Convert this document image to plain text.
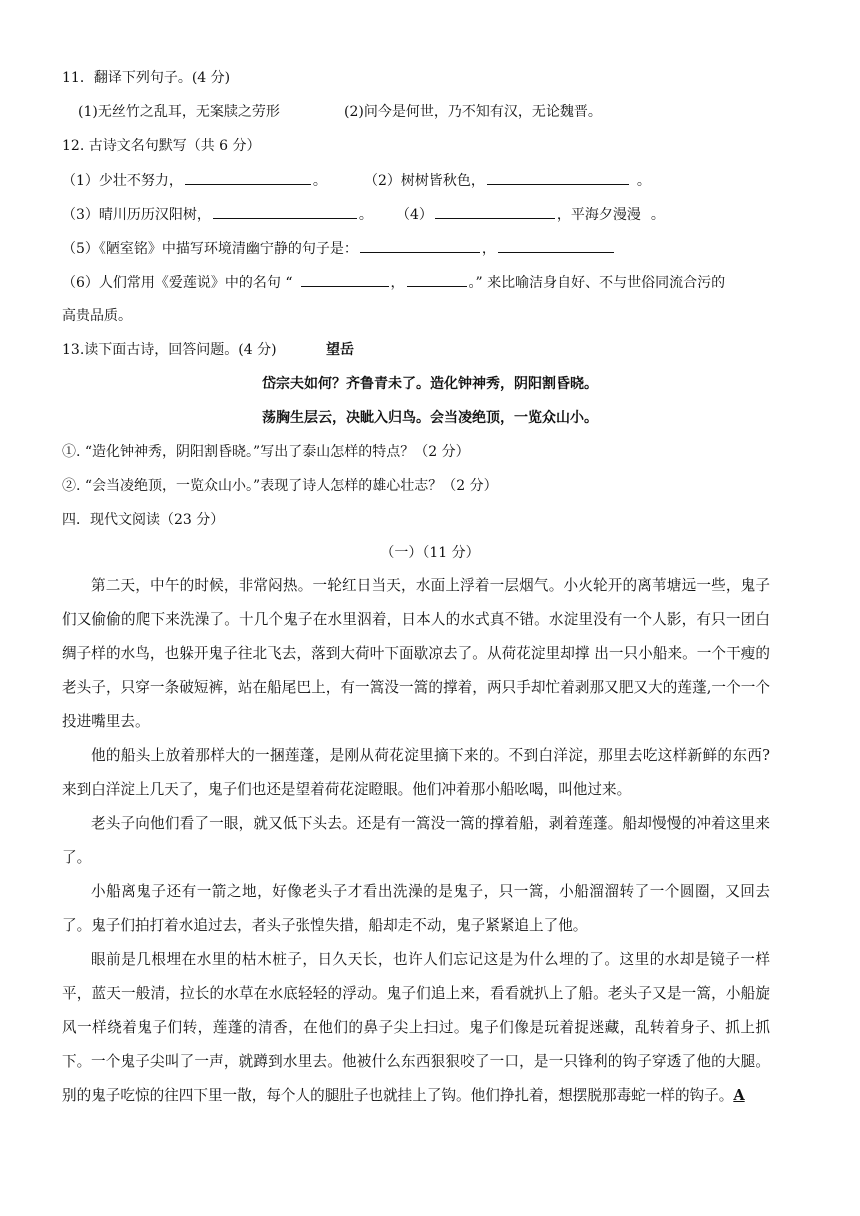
11．翻译下列句子。(4 分)
(1)无丝竹之乱耳，无案牍之劳形	(2)问今是何世，乃不知有汉，无论魏晋。
12. 古诗文名句默写（共 6 分）
（1）少壮不努力，	。	（2）树树皆秋色，	。
（3）晴川历历汉阳树，	。 （4）	，平海夕漫漫 。
（5）《陋室铭》中描写环境清幽宁静的句子是：	，
（6）人们常用《爱莲说》中的名句 “	，	。” 来比喻洁身自好、不与世俗同流合污的
高贵品质。
13.读下面古诗，回答问题。(4 分)	望岳
岱宗夫如何？齐鲁青未了。造化钟神秀，阴阳割昏晓。
荡胸生层云，决眦入归鸟。会当凌绝顶，一览众山小。
①. “造化钟神秀，阴阳割昏晓。”写出了泰山怎样的特点？（2 分）
②. “会当凌绝顶，一览众山小。”表现了诗人怎样的雄心壮志？（2 分）
四．现代文阅读（23 分）
（一）（11 分）

第二天，中午的时候，非常闷热。一轮红日当天，水面上浮着一层烟气。小火轮开的离苇塘远一些，鬼子们又偷偷的爬下来洗澡了。十几个鬼子在水里泅着，日本人的水式真不错。水淀里没有一个人影，有只一团白绸子样的水鸟，也躲开鬼子往北飞去，落到大荷叶下面歇凉去了。从荷花淀里却撑 出一只小船来。一个干瘦的老头子，只穿一条破短裤，站在船尾巴上，有一篙没一篙的撑着，两只手却忙着剥那又肥又大的莲蓬,一个一个投进嘴里去。

他的船头上放着那样大的一捆莲蓬，是刚从荷花淀里摘下来的。不到白洋淀，那里去吃这样新鲜的东西?来到白洋淀上几天了，鬼子们也还是望着荷花淀瞪眼。他们冲着那小船吆喝，叫他过来。

老头子向他们看了一眼，就又低下头去。还是有一篙没一篙的撑着船，剥着莲蓬。船却慢慢的冲着这里来了。

小船离鬼子还有一箭之地，好像老头子才看出洗澡的是鬼子，只一篙，小船溜溜转了一个圆圈，又回去了。鬼子们拍打着水追过去，者头子张惶失措，船却走不动，鬼子紧紧追上了他。

眼前是几根埋在水里的枯木桩子，日久天长，也许人们忘记这是为什么埋的了。这里的水却是镜子一样平，蓝天一般清，拉长的水草在水底轻轻的浮动。鬼子们追上来，看看就扒上了船。老头子又是一篙，小船旋风一样绕着鬼子们转，莲蓬的清香，在他们的鼻子尖上扫过。鬼子们像是玩着捉迷藏，乱转着身子、抓上抓下。 一个鬼子尖叫了一声，就蹲到水里去。他被什么东西狠狠咬了一口，是一只锋利的钩子穿透了他的大腿。别的鬼子吃惊的往四下里一散，每个人的腿肚子也就挂上了钩。他们挣扎着，想摆脱那毒蛇一样的钩子。A
